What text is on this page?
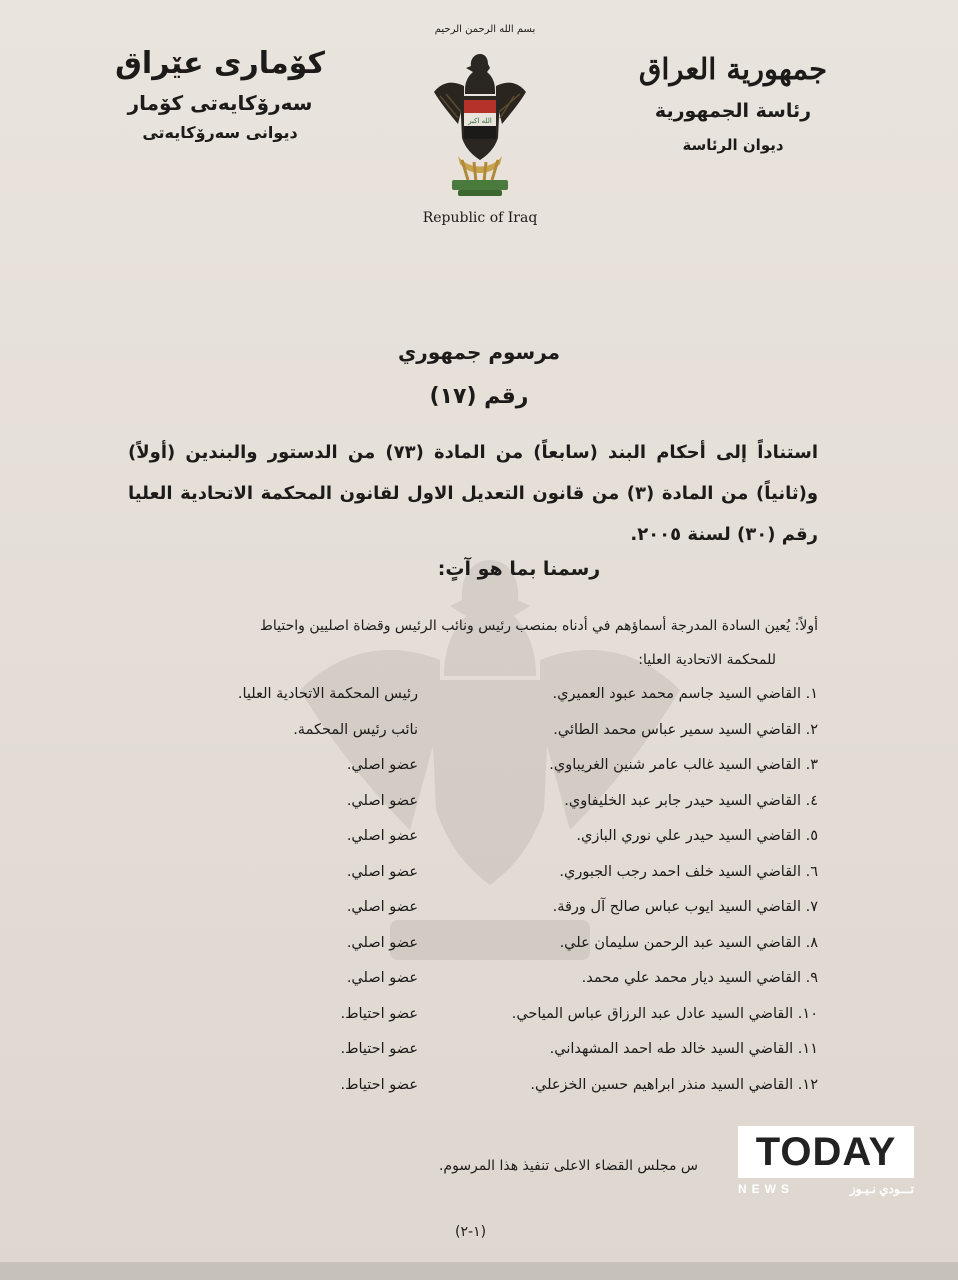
بسم الله الرحمن الرحيم
جمهورية العراق
رئاسة الجمهورية
ديوان الرئاسة
كۆماری عێراق
سەرۆكايەتی كۆمار
ديوانی سەرۆكايەتی
الله اكبر
Republic of Iraq
مرسوم جمهوري
رقم (١٧)
استناداً إلى أحكام البند (سابعاً) من المادة (٧٣) من الدستور والبندين (أولاً) و(ثانياً) من المادة (٣) من قانون التعديل الاول لقانون المحكمة الاتحادية العليا رقم (٣٠) لسنة ٢٠٠٥.
رسمنا بما هو آتٍ:
أولاً: يُعين السادة المدرجة أسماؤهم في أدناه بمنصب رئيس ونائب الرئيس وقضاة اصليين واحتياط
للمحكمة الاتحادية العليا:
١. القاضي السيد جاسم محمد عبود العميري.
رئيس المحكمة الاتحادية العليا.
٢. القاضي السيد سمير عباس محمد الطائي.
نائب رئيس المحكمة.
٣. القاضي السيد غالب عامر شنين الغريباوي.
عضو اصلي.
٤. القاضي السيد حيدر جابر عبد الخليفاوي.
عضو اصلي.
٥. القاضي السيد حيدر علي نوري البازي.
عضو اصلي.
٦. القاضي السيد خلف احمد رجب الجبوري.
عضو اصلي.
٧. القاضي السيد ايوب عباس صالح آل ورقة.
عضو اصلي.
٨. القاضي السيد عبد الرحمن سليمان علي.
عضو اصلي.
٩. القاضي السيد ديار محمد علي محمد.
عضو اصلي.
١٠. القاضي السيد عادل عبد الرزاق عباس المياحي.
عضو احتياط.
١١. القاضي السيد خالد طه احمد المشهداني.
عضو احتياط.
١٢. القاضي السيد منذر ابراهيم حسين الخزعلي.
عضو احتياط.
س مجلس القضاء الاعلى تنفيذ هذا المرسوم.
(١-٢)
TODAY
NEWS	تـــودي نـيـوز
